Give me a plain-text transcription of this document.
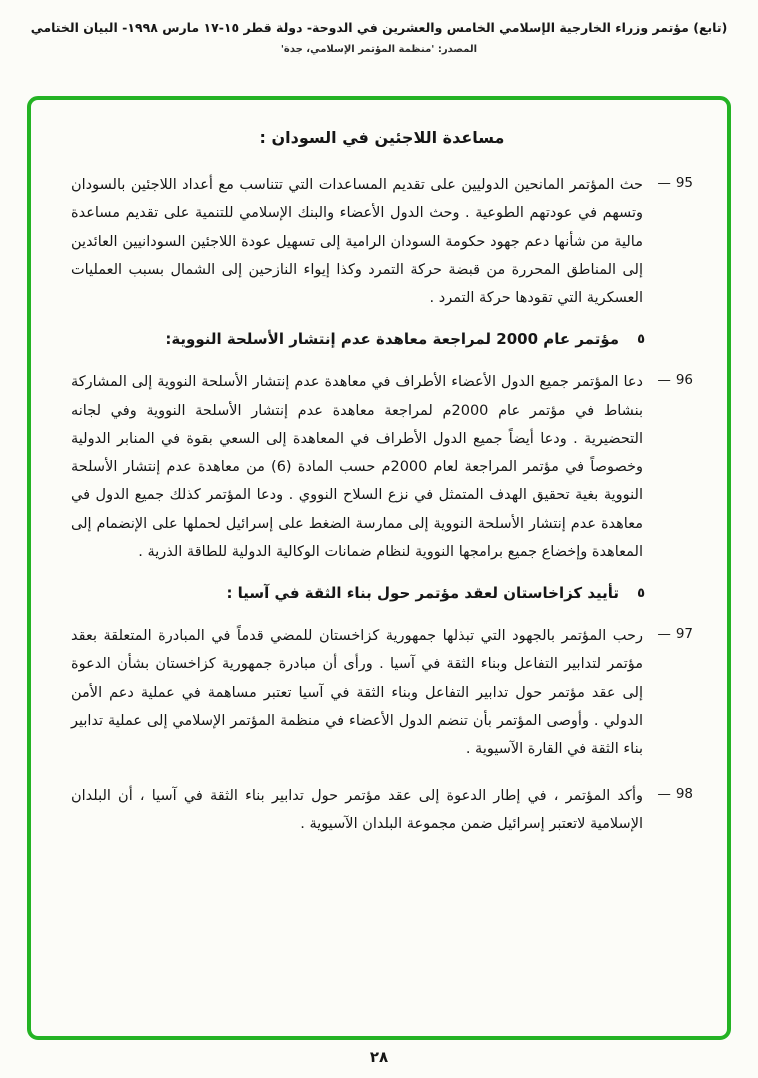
(تابع) مؤتمر وزراء الخارجية الإسلامي الخامس والعشرين في الدوحة- دولة قطر ١٥-١٧ مارس ١٩٩٨- البيان الختامي
المصدر: 'منظمة المؤتمر الإسلامي، جدة'
مساعدة اللاجئين في السودان :
95
—

حث المؤتمر المانحين الدوليين على تقديم المساعدات التي تتناسب مع أعداد اللاجئين بالسودان وتسهم في عودتهم الطوعية . وحث الدول الأعضاء والبنك الإسلامي للتنمية على تقديم مساعدة مالية من شأنها دعم جهود حكومة السودان الرامية إلى تسهيل عودة اللاجئين السودانيين العائدين إلى المناطق المحررة من قبضة حركة التمرد وكذا إيواء النازحين إلى الشمال بسبب العمليات العسكرية التي تقودها حركة التمرد .

٥
مؤتمر عام 2000 لمراجعة معاهدة عدم إنتشار الأسلحة النووية:
96
—

دعا المؤتمر جميع الدول الأعضاء الأطراف في معاهدة عدم إنتشار الأسلحة النووية إلى المشاركة بنشاط في مؤتمر عام 2000م لمراجعة معاهدة عدم إنتشار الأسلحة النووية وفي لجانه التحضيرية . ودعا أيضاً جميع الدول الأطراف في المعاهدة إلى السعي بقوة في المنابر الدولية وخصوصاً في مؤتمر المراجعة لعام 2000م حسب المادة (6) من معاهدة عدم إنتشار الأسلحة النووية بغية تحقيق الهدف المتمثل في نزع السلاح النووي . ودعا المؤتمر كذلك جميع الدول في معاهدة عدم إنتشار الأسلحة النووية إلى ممارسة الضغط على إسرائيل لحملها على الإنضمام إلى المعاهدة وإخضاع جميع برامجها النووية لنظام ضمانات الوكالية الدولية للطاقة الذرية .

٥
تأييد كزاخاستان لعقد مؤتمر حول بناء الثقة في آسيا :
97
—

رحب المؤتمر بالجهود التي تبذلها جمهورية كزاخستان للمضي قدماً في المبادرة المتعلقة بعقد مؤتمر لتدابير التفاعل وبناء الثقة في آسيا . ورأى أن مبادرة جمهورية كزاخستان بشأن الدعوة إلى عقد مؤتمر حول تدابير التفاعل وبناء الثقة في آسيا تعتبر مساهمة في عملية دعم الأمن الدولي . وأوصى المؤتمر بأن تنضم الدول الأعضاء في منظمة المؤتمر الإسلامي إلى عملية تدابير بناء الثقة في القارة الآسيوية .

98
—

وأكد المؤتمر ، في إطار الدعوة إلى عقد مؤتمر حول تدابير بناء الثقة في آسيا ، أن البلدان الإسلامية لاتعتبر إسرائيل ضمن مجموعة البلدان الآسيوية .

٢٨
